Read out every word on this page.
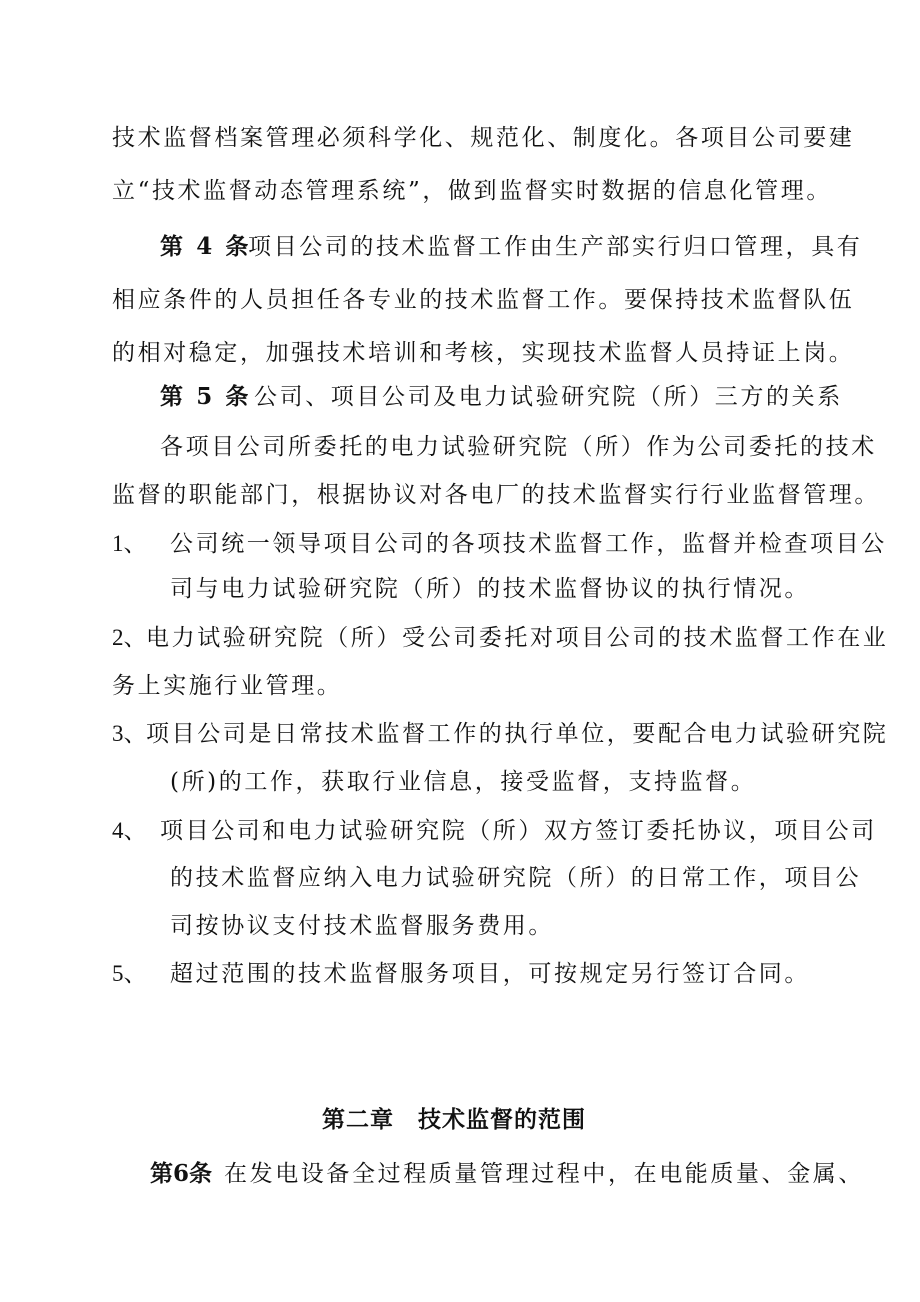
技术监督档案管理必须科学化、规范化、制度化。各项目公司要建
立“技术监督动态管理系统”，做到监督实时数据的信息化管理。
第 4 条
项目公司的技术监督工作由生产部实行归口管理，具有
相应条件的人员担任各专业的技术监督工作。要保持技术监督队伍
的相对稳定，加强技术培训和考核，实现技术监督人员持证上岗。
第 5 条 公司、项目公司及电力试验研究院（所）三方的关系
各项目公司所委托的电力试验研究院（所）作为公司委托的技术
监督的职能部门，根据协议对各电厂的技术监督实行行业监督管理。
1、 公司统一领导项目公司的各项技术监督工作，监督并检查项目公
司与电力试验研究院（所）的技术监督协议的执行情况。
2、 电力试验研究院（所）受公司委托对项目公司的技术监督工作在业
务上实施行业管理。
3、 项目公司是日常技术监督工作的执行单位，要配合电力试验研究院
(所)的工作，获取行业信息，接受监督，支持监督。
4、 项目公司和电力试验研究院（所）双方签订委托协议，项目公司
的技术监督应纳入电力试验研究院（所）的日常工作，项目公
司按协议支付技术监督服务费用。
5、 超过范围的技术监督服务项目，可按规定另行签订合同。
第二章　技术监督的范围
第6条 在发电设备全过程质量管理过程中，在电能质量、金属、
